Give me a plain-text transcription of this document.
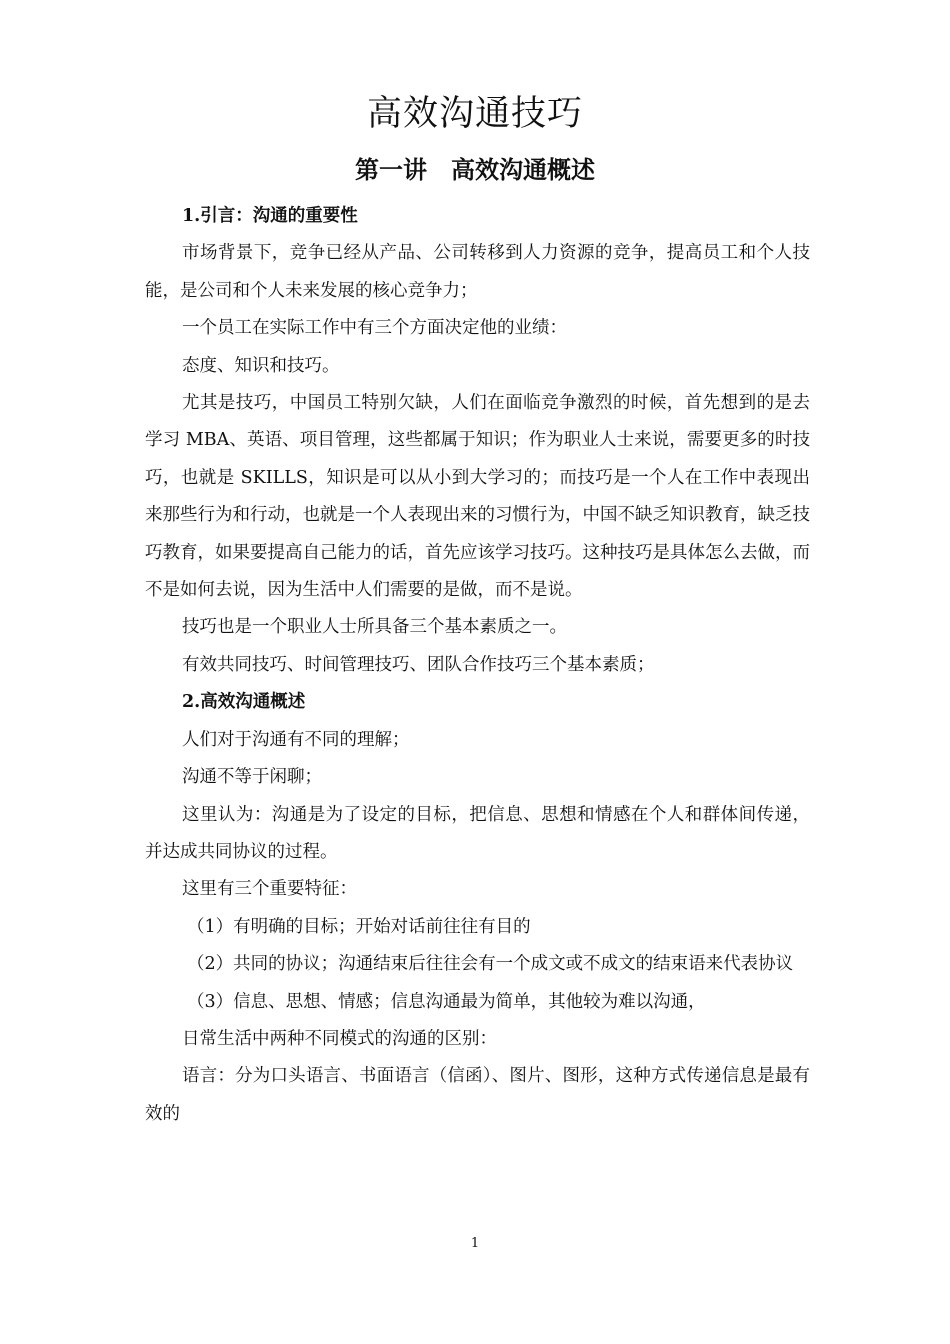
高效沟通技巧
第一讲　高效沟通概述

1.引言：沟通的重要性

市场背景下，竞争已经从产品、公司转移到人力资源的竞争，提高员工和个人技能，是公司和个人未来发展的核心竞争力；

一个员工在实际工作中有三个方面决定他的业绩：

态度、知识和技巧。

尤其是技巧，中国员工特别欠缺，人们在面临竞争激烈的时候，首先想到的是去学习 MBA、英语、项目管理，这些都属于知识；作为职业人士来说，需要更多的时技巧，也就是 SKILLS，知识是可以从小到大学习的；而技巧是一个人在工作中表现出来那些行为和行动，也就是一个人表现出来的习惯行为，中国不缺乏知识教育，缺乏技巧教育，如果要提高自己能力的话，首先应该学习技巧。这种技巧是具体怎么去做，而不是如何去说，因为生活中人们需要的是做，而不是说。

技巧也是一个职业人士所具备三个基本素质之一。

有效共同技巧、时间管理技巧、团队合作技巧三个基本素质；

2.高效沟通概述

人们对于沟通有不同的理解；

沟通不等于闲聊；

这里认为：沟通是为了设定的目标，把信息、思想和情感在个人和群体间传递，并达成共同协议的过程。

这里有三个重要特征：

（1）有明确的目标；开始对话前往往有目的

（2）共同的协议；沟通结束后往往会有一个成文或不成文的结束语来代表协议

（3）信息、思想、情感；信息沟通最为简单，其他较为难以沟通，

日常生活中两种不同模式的沟通的区别：

语言：分为口头语言、书面语言（信函）、图片、图形，这种方式传递信息是最有效的

1
